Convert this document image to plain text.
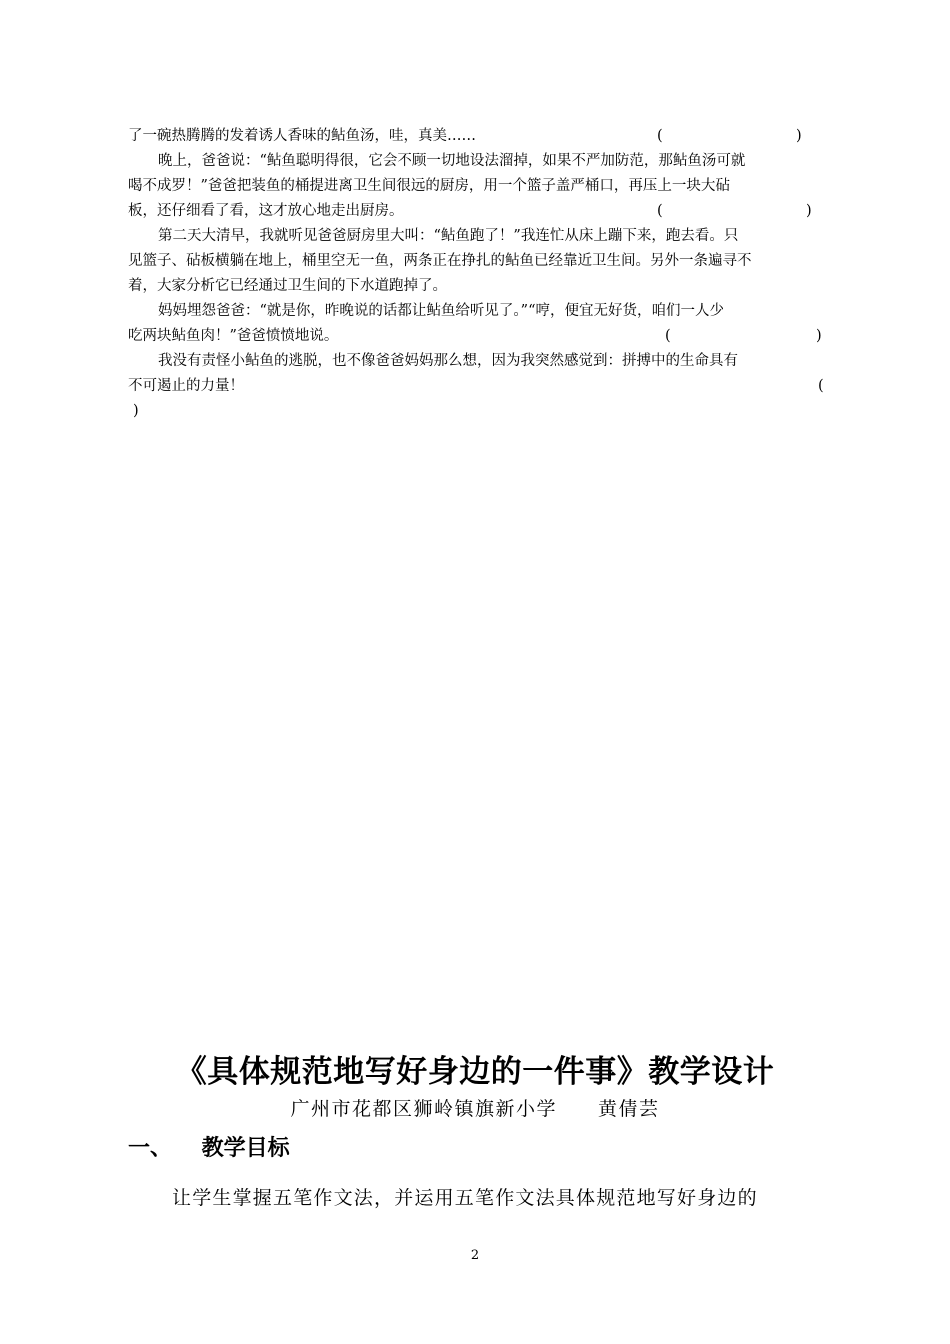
了一碗热腾腾的发着诱人香味的鲇鱼汤，哇，真美……	(	)
晚上，爸爸说：“鲇鱼聪明得很，它会不顾一切地设法溜掉，如果不严加防范，那鲇鱼汤可就
喝不成罗！”爸爸把装鱼的桶提进离卫生间很远的厨房，用一个篮子盖严桶口，再压上一块大砧
板，还仔细看了看，这才放心地走出厨房。	(	)
第二天大清早，我就听见爸爸厨房里大叫：“鲇鱼跑了！”我连忙从床上蹦下来，跑去看。只
见篮子、砧板横躺在地上，桶里空无一鱼，两条正在挣扎的鲇鱼已经靠近卫生间。另外一条遍寻不
着，大家分析它已经通过卫生间的下水道跑掉了。
妈妈埋怨爸爸：“就是你，昨晚说的话都让鲇鱼给听见了。”“哼，便宜无好货，咱们一人少
吃两块鲇鱼肉！”爸爸愤愤地说。	(	)
我没有责怪小鲇鱼的逃脱，也不像爸爸妈妈那么想，因为我突然感觉到：拼搏中的生命具有
不可遏止的力量！	(
)
《具体规范地写好身边的一件事》教学设计
广州市花都区狮岭镇旗新小学　　黄倩芸
一、 教学目标
让学生掌握五笔作文法，并运用五笔作文法具体规范地写好身边的
2
